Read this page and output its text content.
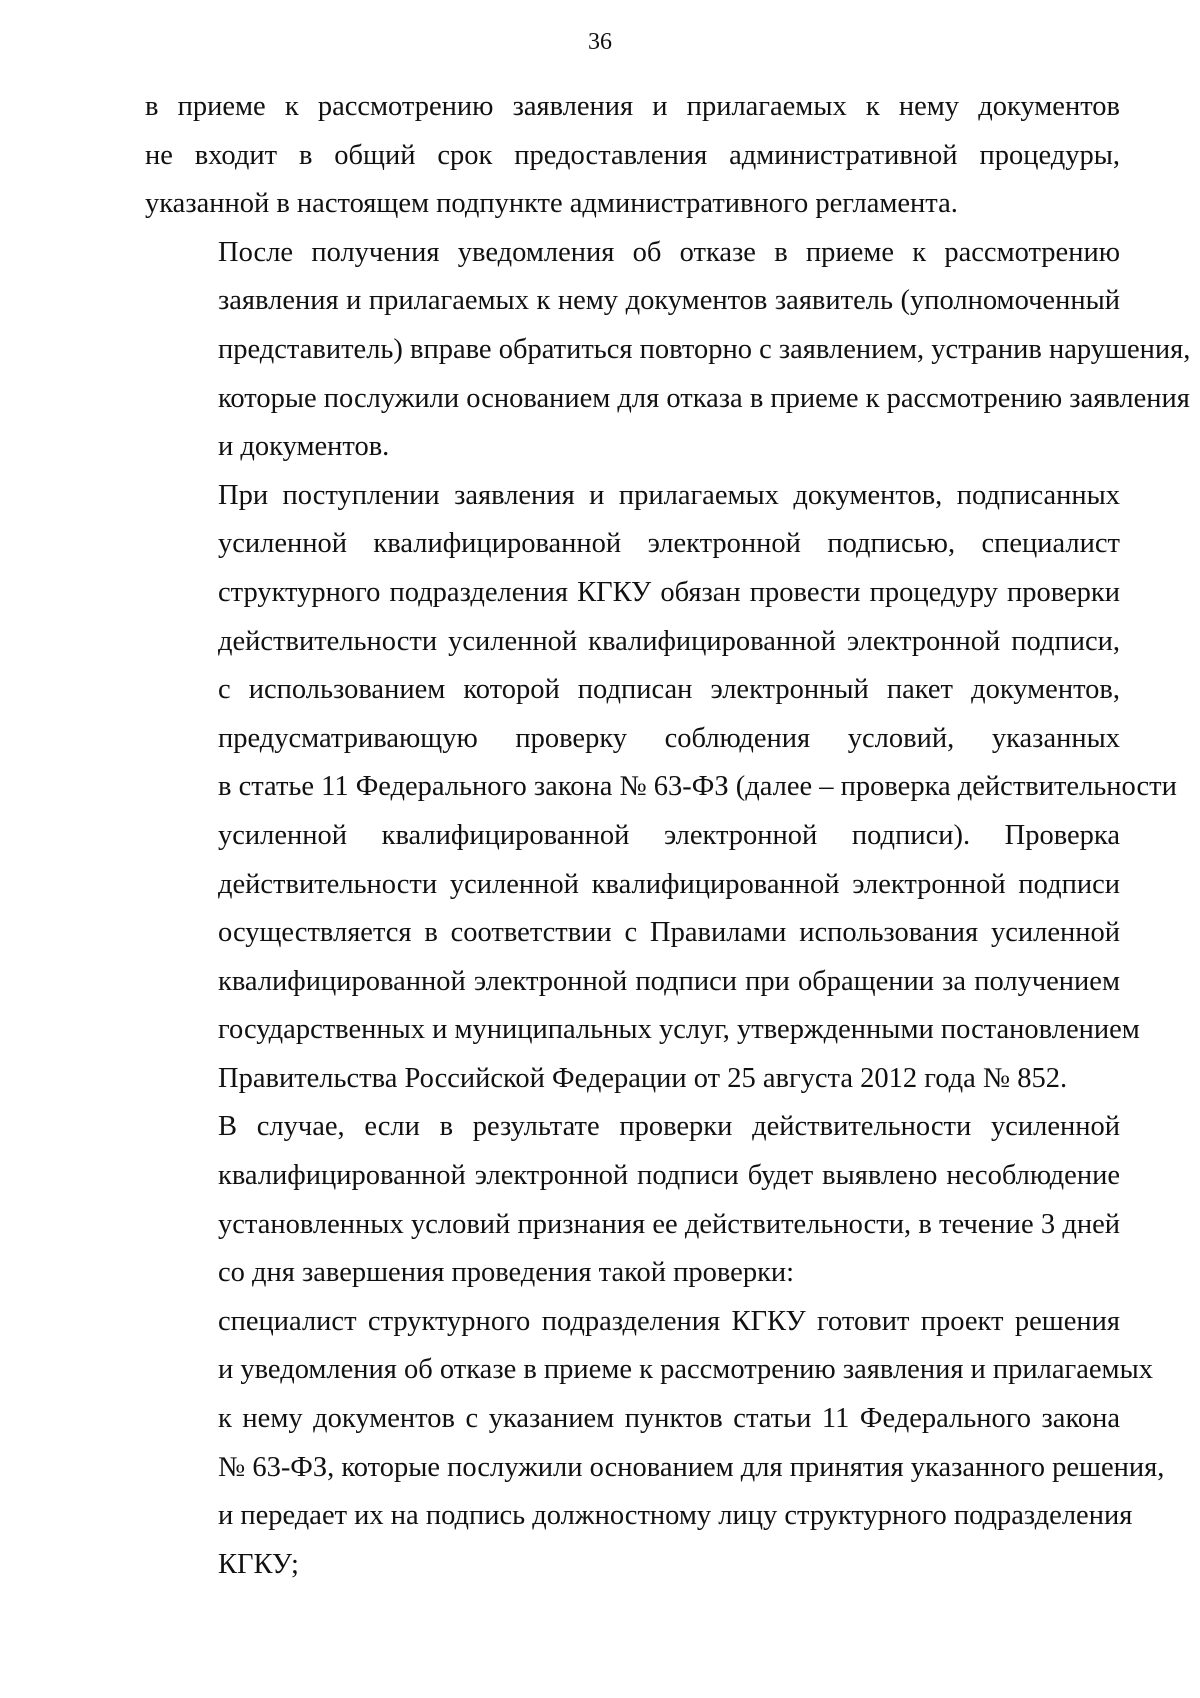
36

в приеме к рассмотрению заявления и прилагаемых к нему документов
не входит в общий срок предоставления административной процедуры,
указанной в настоящем подпункте административного регламента.

После получения уведомления об отказе в приеме к рассмотрению
заявления и прилагаемых к нему документов заявитель (уполномоченный
представитель) вправе обратиться повторно с заявлением, устранив нарушения,
которые послужили основанием для отказа в приеме к рассмотрению заявления
и документов.

При поступлении заявления и прилагаемых документов, подписанных
усиленной квалифицированной электронной подписью, специалист
структурного подразделения КГКУ обязан провести процедуру проверки
действительности усиленной квалифицированной электронной подписи,
с использованием которой подписан электронный пакет документов,
предусматривающую проверку соблюдения условий, указанных
в статье 11 Федерального закона № 63-ФЗ (далее – проверка действительности
усиленной квалифицированной электронной подписи). Проверка
действительности усиленной квалифицированной электронной подписи
осуществляется в соответствии с Правилами использования усиленной
квалифицированной электронной подписи при обращении за получением
государственных и муниципальных услуг, утвержденными постановлением
Правительства Российской Федерации от 25 августа 2012 года № 852.

В случае, если в результате проверки действительности усиленной
квалифицированной электронной подписи будет выявлено несоблюдение
установленных условий признания ее действительности, в течение 3 дней
со дня завершения проведения такой проверки:

специалист структурного подразделения КГКУ готовит проект решения
и уведомления об отказе в приеме к рассмотрению заявления и прилагаемых
к нему документов с указанием пунктов статьи 11 Федерального закона
№ 63-ФЗ, которые послужили основанием для принятия указанного решения,
и передает их на подпись должностному лицу структурного подразделения
КГКУ;
